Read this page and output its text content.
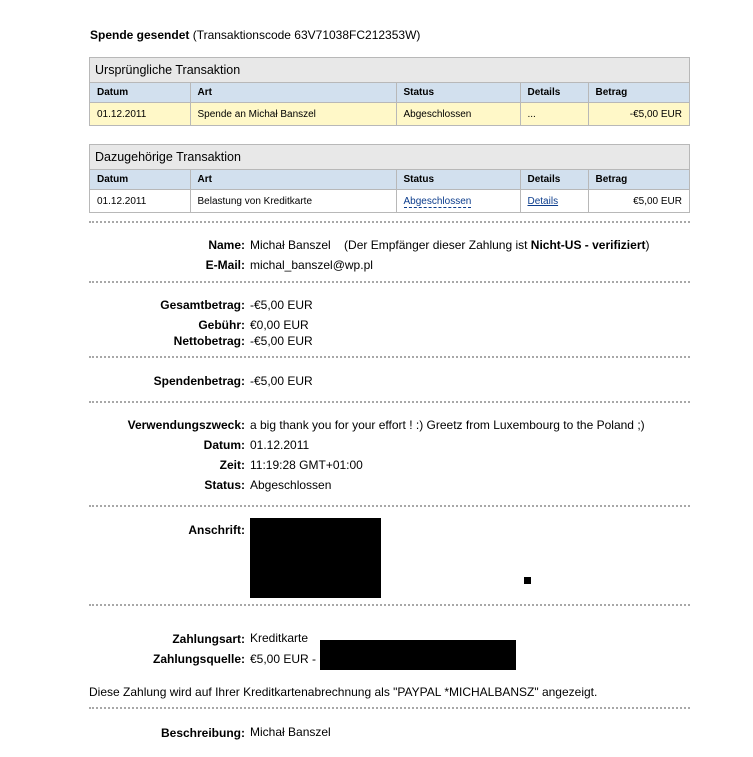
Spende gesendet (Transaktionscode 63V71038FC212353W)
Ursprüngliche Transaktion
Datum	Art	Status	Details	Betrag
01.12.2011	Spende an Michał Banszel	Abgeschlossen	...	-€5,00 EUR
Dazugehörige Transaktion
Datum	Art	Status	Details	Betrag
01.12.2011	Belastung von Kreditkarte	Abgeschlossen	Details	€5,00 EUR
Name: Michał Banszel (Der Empfänger dieser Zahlung ist Nicht-US - verifiziert)
E-Mail: michal_banszel@wp.pl
Gesamtbetrag: -€5,00 EUR
Gebühr: €0,00 EUR
Nettobetrag: -€5,00 EUR
Spendenbetrag: -€5,00 EUR
Verwendungszweck: a big thank you for your effort ! :) Greetz from Luxembourg to the Poland ;)
Datum: 01.12.2011
Zeit: 11:19:28 GMT+01:00
Status: Abgeschlossen
Anschrift:
Zahlungsart: Kreditkarte
Zahlungsquelle: €5,00 EUR -
Diese Zahlung wird auf Ihrer Kreditkartenabrechnung als "PAYPAL *MICHALBANSZ" angezeigt.
Beschreibung: Michał Banszel
